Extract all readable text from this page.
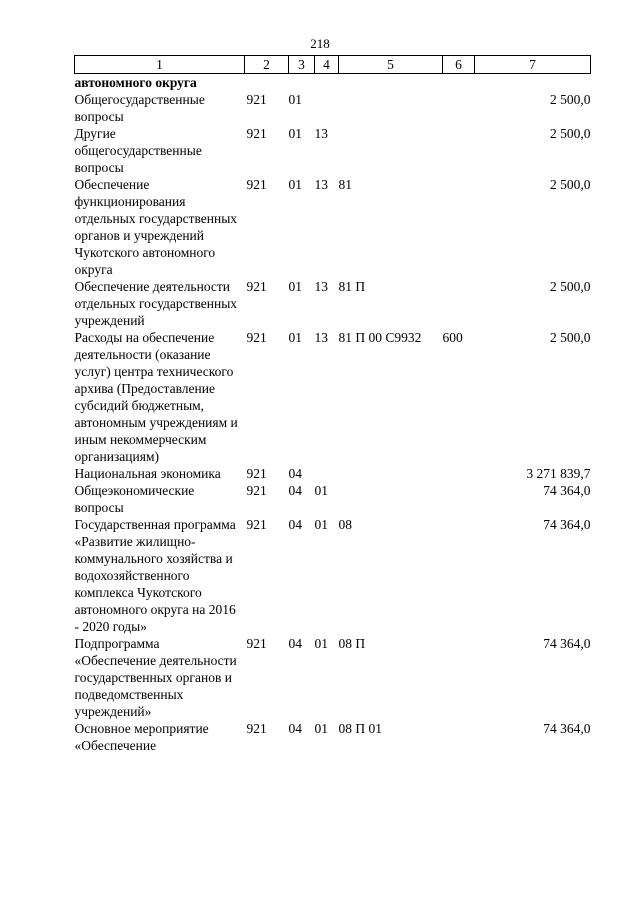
218
1	2	3	4	5	6	7
автономного округа						
Общегосударственные вопросы	921	01				2 500,0
Другие общегосударственные вопросы	921	01	13			2 500,0
Обеспечение функционирования отдельных государственных органов и учреждений Чукотского автономного округа	921	01	13	81		2 500,0
Обеспечение деятельности отдельных государственных учреждений	921	01	13	81 П		2 500,0
Расходы на обеспечение деятельности (оказание услуг) центра технического архива (Предоставление субсидий бюджетным, автономным учреждениям и иным некоммерческим организациям)	921	01	13	81 П 00 С9932	600	2 500,0
Национальная экономика	921	04				3 271 839,7
Общеэкономические вопросы	921	04	01			74 364,0
Государственная программа «Развитие жилищно-коммунального хозяйства и водохозяйственного комплекса Чукотского автономного округа на 2016 - 2020 годы»	921	04	01	08		74 364,0
Подпрограмма «Обеспечение деятельности государственных органов и подведомственных учреждений»	921	04	01	08 П		74 364,0
Основное мероприятие «Обеспечение	921	04	01	08 П 01		74 364,0
